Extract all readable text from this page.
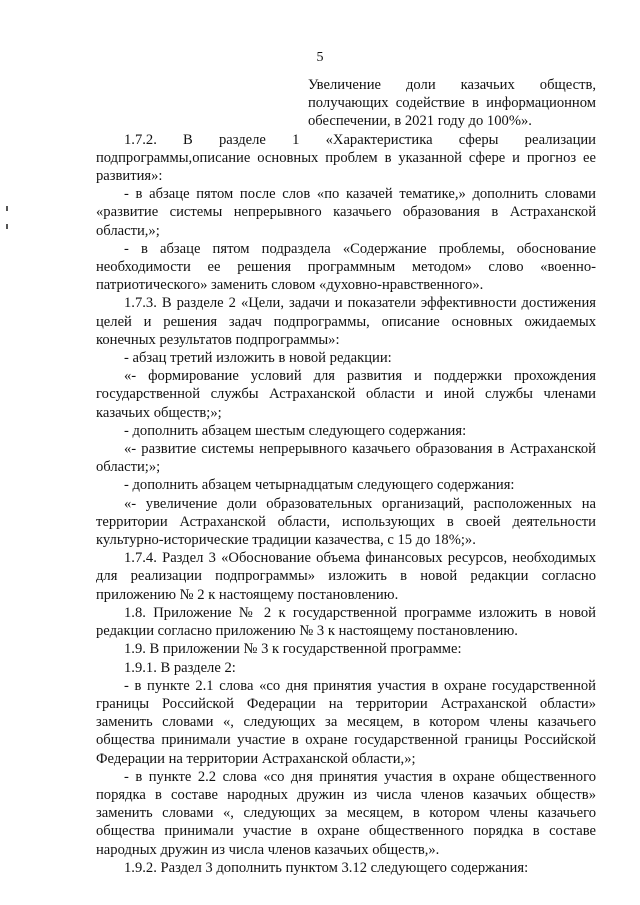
5

Увеличение доли казачьих обществ, получающих содействие в информационном обеспечении, в 2021 году до 100%».

1.7.2. В разделе 1 «Характеристика сферы реализации подпрограммы,описание основных проблем в указанной сфере и прогноз ее развития»:

- в абзаце пятом после слов «по казачей тематике,» дополнить словами «развитие системы непрерывного казачьего образования в Астраханской области,»;

- в абзаце пятом подраздела «Содержание проблемы, обоснование необходимости ее решения программным методом» слово «военно-патриотического» заменить словом «духовно-нравственного».

1.7.3. В разделе 2 «Цели, задачи и показатели эффективности достижения целей и решения задач подпрограммы, описание основных ожидаемых конечных результатов подпрограммы»:

- абзац третий изложить в новой редакции:

«- формирование условий для развития и поддержки прохождения государственной службы Астраханской области и иной службы членами казачьих обществ;»;

- дополнить абзацем шестым следующего содержания:

«- развитие системы непрерывного казачьего образования в Астраханской области;»;

- дополнить абзацем четырнадцатым следующего содержания:

«- увеличение доли образовательных организаций, расположенных на территории Астраханской области, использующих в своей деятельности культурно-исторические традиции казачества, с 15 до 18%;».

1.7.4. Раздел 3 «Обоснование объема финансовых ресурсов, необходимых для реализации подпрограммы» изложить в новой редакции согласно приложению № 2 к настоящему постановлению.

1.8. Приложение № 2 к государственной программе изложить в новой редакции согласно приложению № 3 к настоящему постановлению.

1.9. В приложении № 3 к государственной программе:

1.9.1. В разделе 2:

- в пункте 2.1 слова «со дня принятия участия в охране государственной границы Российской Федерации на территории Астраханской области» заменить словами «, следующих за месяцем, в котором члены казачьего общества принимали участие в охране государственной границы Российской Федерации на территории Астраханской области,»;

- в пункте 2.2 слова «со дня принятия участия в охране общественного порядка в составе народных дружин из числа членов казачьих обществ» заменить словами «, следующих за месяцем, в котором члены казачьего общества принимали участие в охране общественного порядка в составе народных дружин из числа членов казачьих обществ,».

1.9.2. Раздел 3 дополнить пунктом 3.12 следующего содержания:
